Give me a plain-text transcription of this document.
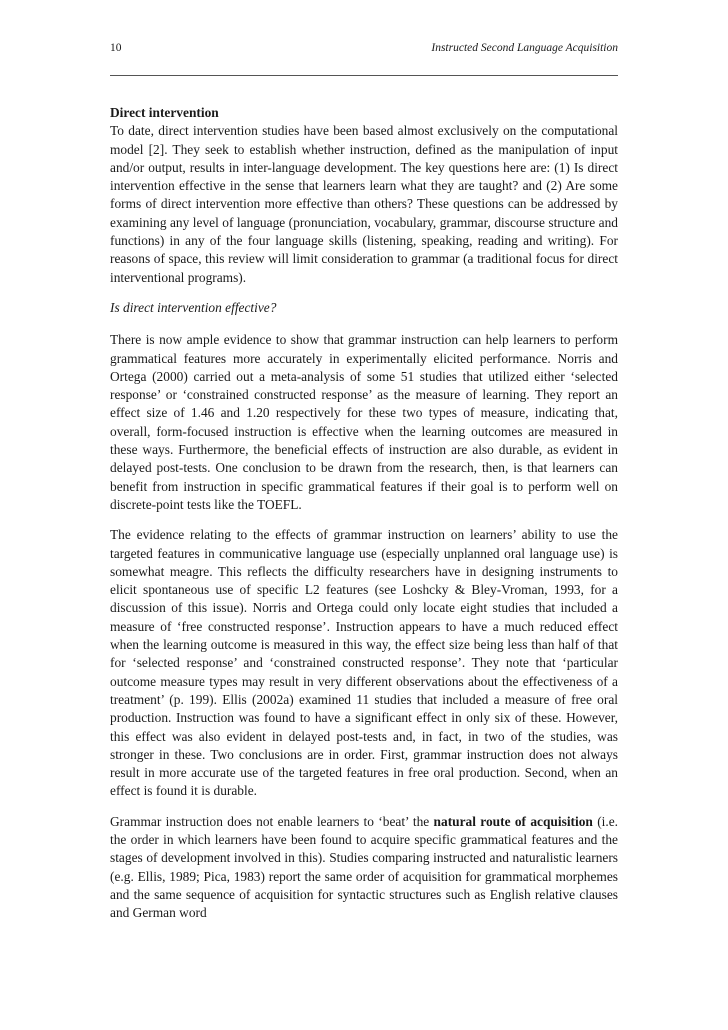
10	Instructed Second Language Acquisition
Direct intervention

To date, direct intervention studies have been based almost exclusively on the computational model [2]. They seek to establish whether instruction, defined as the manipulation of input and/or output, results in inter-language development. The key questions here are: (1) Is direct intervention effective in the sense that learners learn what they are taught? and (2) Are some forms of direct intervention more effective than others? These questions can be addressed by examining any level of language (pronunciation, vocabulary, grammar, discourse structure and functions) in any of the four language skills (listening, speaking, reading and writing). For reasons of space, this review will limit consideration to grammar (a traditional focus for direct interventional programs).

Is direct intervention effective?

There is now ample evidence to show that grammar instruction can help learners to perform grammatical features more accurately in experimentally elicited performance. Norris and Ortega (2000) carried out a meta-analysis of some 51 studies that utilized either ‘selected response’ or ‘constrained constructed response’ as the measure of learning. They report an effect size of 1.46 and 1.20 respectively for these two types of measure, indicating that, overall, form-focused instruction is effective when the learning outcomes are measured in these ways. Furthermore, the beneficial effects of instruction are also durable, as evident in delayed post-tests. One conclusion to be drawn from the research, then, is that learners can benefit from instruction in specific grammatical features if their goal is to perform well on discrete-point tests like the TOEFL.

The evidence relating to the effects of grammar instruction on learners’ ability to use the targeted features in communicative language use (especially unplanned oral language use) is somewhat meagre. This reflects the difficulty researchers have in designing instruments to elicit spontaneous use of specific L2 features (see Loshcky & Bley-Vroman, 1993, for a discussion of this issue). Norris and Ortega could only locate eight studies that included a measure of ‘free constructed response’. Instruction appears to have a much reduced effect when the learning outcome is measured in this way, the effect size being less than half of that for ‘selected response’ and ‘constrained constructed response’. They note that ‘particular outcome measure types may result in very different observations about the effectiveness of a treatment’ (p. 199). Ellis (2002a) examined 11 studies that included a measure of free oral production. Instruction was found to have a significant effect in only six of these. However, this effect was also evident in delayed post-tests and, in fact, in two of the studies, was stronger in these. Two conclusions are in order. First, grammar instruction does not always result in more accurate use of the targeted features in free oral production. Second, when an effect is found it is durable.

Grammar instruction does not enable learners to ‘beat’ the natural route of acquisition (i.e. the order in which learners have been found to acquire specific grammatical features and the stages of development involved in this). Studies comparing instructed and naturalistic learners (e.g. Ellis, 1989; Pica, 1983) report the same order of acquisition for grammatical morphemes and the same sequence of acquisition for syntactic structures such as English relative clauses and German word
